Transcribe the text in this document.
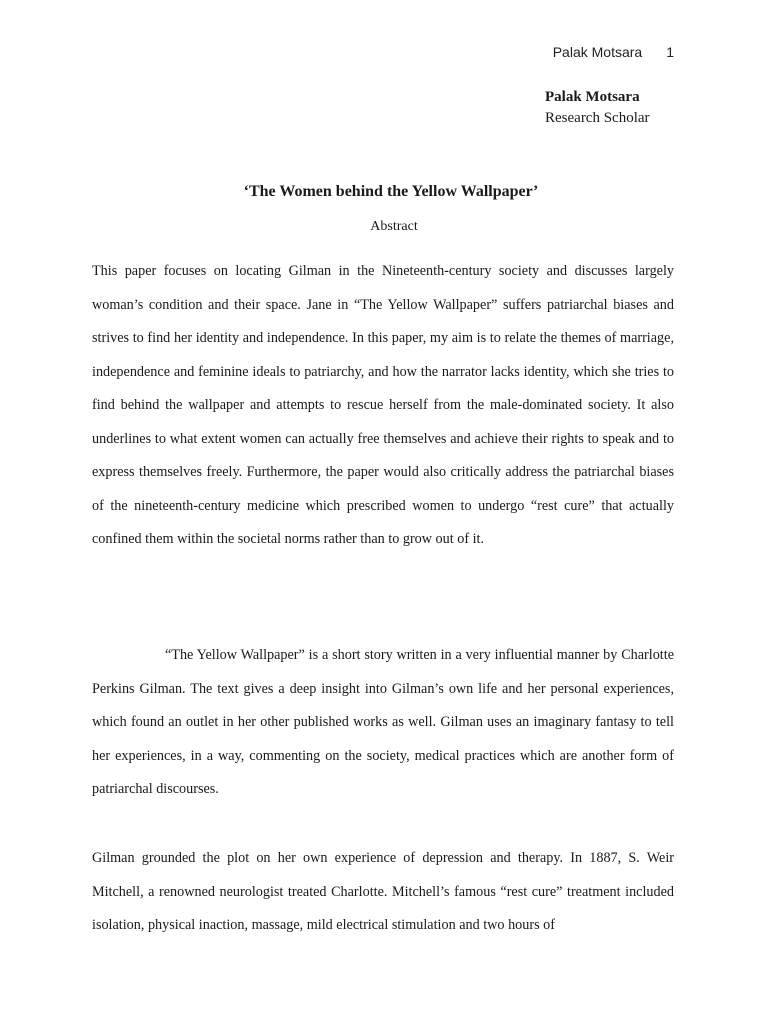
Palak Motsara 1
Palak Motsara
Research Scholar
‘The Women behind the Yellow Wallpaper’
Abstract

This paper focuses on locating Gilman in the Nineteenth-century society and discusses largely woman’s condition and their space. Jane in “The Yellow Wallpaper” suffers patriarchal biases and strives to find her identity and independence. In this paper, my aim is to relate the themes of marriage, independence and feminine ideals to patriarchy, and how the narrator lacks identity, which she tries to find behind the wallpaper and attempts to rescue herself from the male-dominated society. It also underlines to what extent women can actually free themselves and achieve their rights to speak and to express themselves freely. Furthermore, the paper would also critically address the patriarchal biases of the nineteenth-century medicine which prescribed women to undergo “rest cure” that actually confined them within the societal norms rather than to grow out of it.

“The Yellow Wallpaper” is a short story written in a very influential manner by Charlotte Perkins Gilman. The text gives a deep insight into Gilman’s own life and her personal experiences, which found an outlet in her other published works as well. Gilman uses an imaginary fantasy to tell her experiences, in a way, commenting on the society, medical practices which are another form of patriarchal discourses.

Gilman grounded the plot on her own experience of depression and therapy. In 1887, S. Weir Mitchell, a renowned neurologist treated Charlotte. Mitchell’s famous “rest cure” treatment included isolation, physical inaction, massage, mild electrical stimulation and two hours of
